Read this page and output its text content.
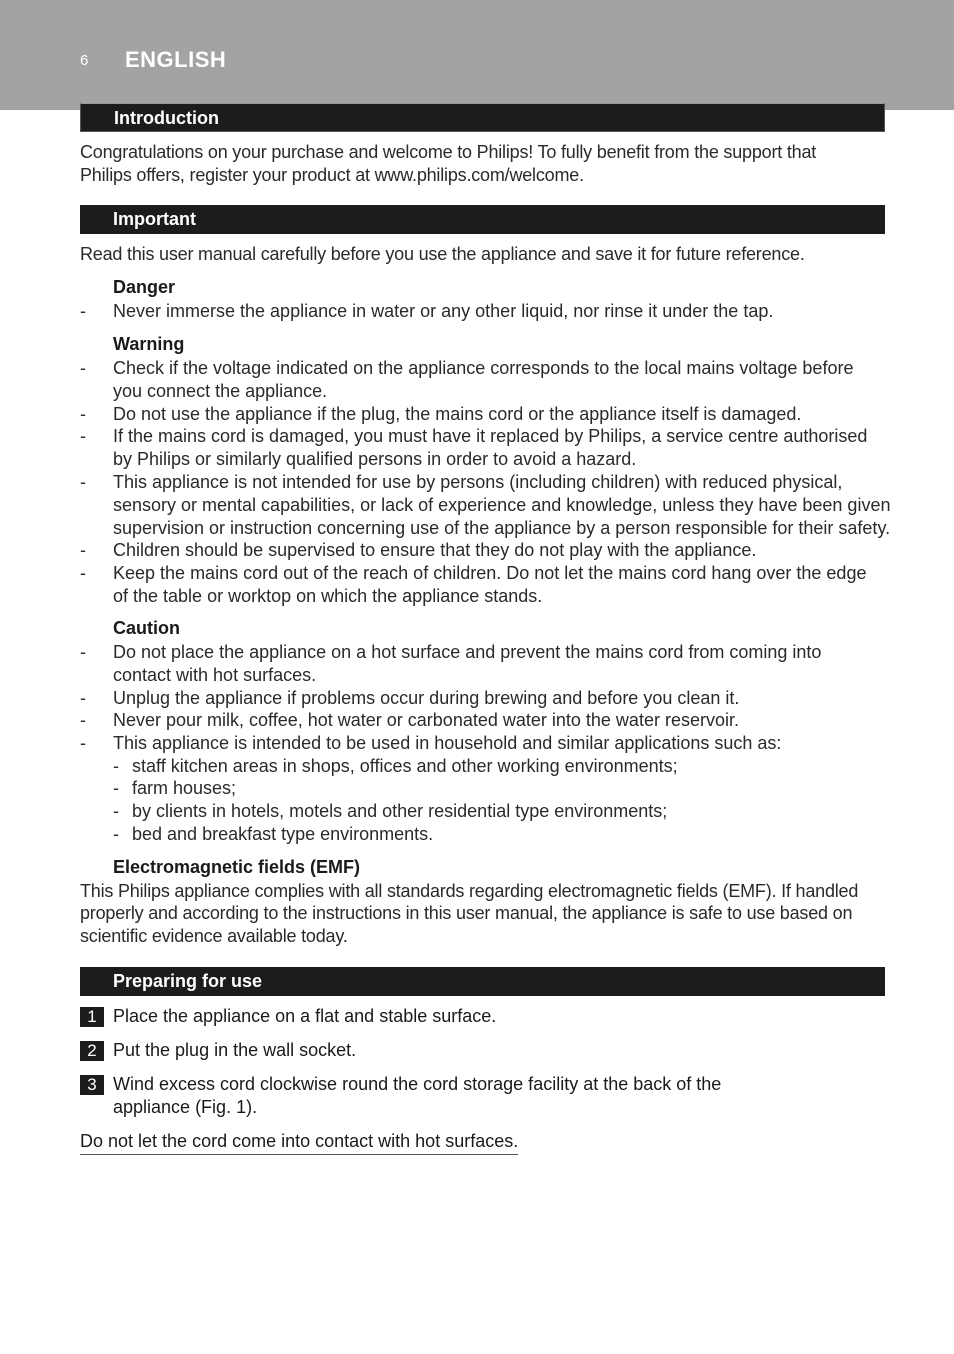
6 ENGLISH
Introduction
Congratulations on your purchase and welcome to Philips! To fully benefit from the support that
Philips offers, register your product at www.philips.com/welcome.
Important
Read this user manual carefully before you use the appliance and save it for future reference.
Danger
- Never immerse the appliance in water or any other liquid, nor rinse it under the tap.
Warning
- Check if the voltage indicated on the appliance corresponds to the local mains voltage before
you connect the appliance.
- Do not use the appliance if the plug, the mains cord or the appliance itself is damaged.
- If the mains cord is damaged, you must have it replaced by Philips, a service centre authorised
by Philips or similarly qualified persons in order to avoid a hazard.
- This appliance is not intended for use by persons (including children) with reduced physical,
sensory or mental capabilities, or lack of experience and knowledge, unless they have been given
supervision or instruction concerning use of the appliance by a person responsible for their safety.
- Children should be supervised to ensure that they do not play with the appliance.
- Keep the mains cord out of the reach of children. Do not let the mains cord hang over the edge
of the table or worktop on which the appliance stands.
Caution
- Do not place the appliance on a hot surface and prevent the mains cord from coming into
contact with hot surfaces.
- Unplug the appliance if problems occur during brewing and before you clean it.
- Never pour milk, coffee, hot water or carbonated water into the water reservoir.
- This appliance is intended to be used in household and similar applications such as:
- staff kitchen areas in shops, offices and other working environments;
- farm houses;
- by clients in hotels, motels and other residential type environments;
- bed and breakfast type environments.
Electromagnetic fields (EMF)
This Philips appliance complies with all standards regarding electromagnetic fields (EMF). If handled
properly and according to the instructions in this user manual, the appliance is safe to use based on
scientific evidence available today.
Preparing for use
1 Place the appliance on a flat and stable surface.
2 Put the plug in the wall socket.
3 Wind excess cord clockwise round the cord storage facility at the back of the
appliance (Fig. 1).
Do not let the cord come into contact with hot surfaces.
